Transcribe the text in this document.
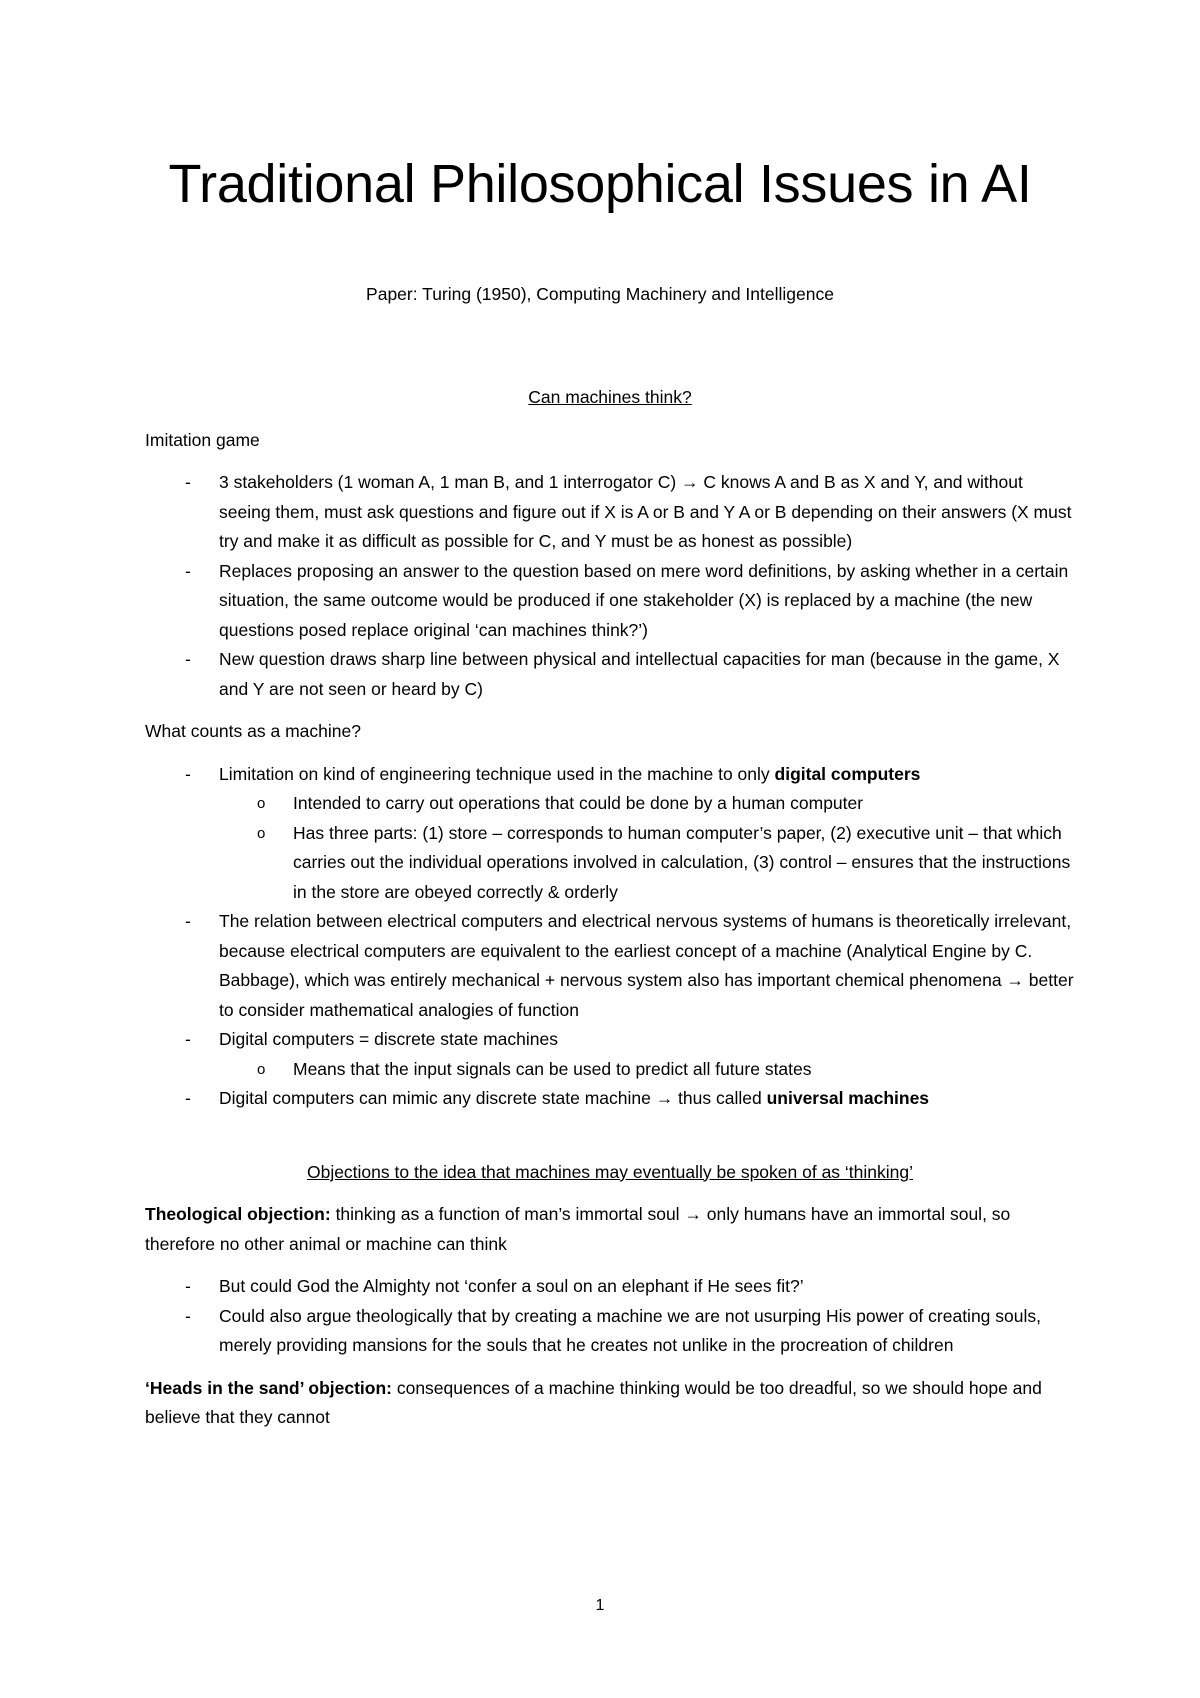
Traditional Philosophical Issues in AI
Paper: Turing (1950), Computing Machinery and Intelligence

Can machines think?

Imitation game

- 3 stakeholders (1 woman A, 1 man B, and 1 interrogator C) → C knows A and B as X and Y, and without seeing them, must ask questions and figure out if X is A or B and Y A or B depending on their answers (X must try and make it as difficult as possible for C, and Y must be as honest as possible)
- Replaces proposing an answer to the question based on mere word definitions, by asking whether in a certain situation, the same outcome would be produced if one stakeholder (X) is replaced by a machine (the new questions posed replace original ‘can machines think?’)
- New question draws sharp line between physical and intellectual capacities for man (because in the game, X and Y are not seen or heard by C)

What counts as a machine?

- Limitation on kind of engineering technique used in the machine to only digital computers
o Intended to carry out operations that could be done by a human computer
o Has three parts: (1) store – corresponds to human computer’s paper, (2) executive unit – that which carries out the individual operations involved in calculation, (3) control – ensures that the instructions in the store are obeyed correctly & orderly
- The relation between electrical computers and electrical nervous systems of humans is theoretically irrelevant, because electrical computers are equivalent to the earliest concept of a machine (Analytical Engine by C. Babbage), which was entirely mechanical + nervous system also has important chemical phenomena → better to consider mathematical analogies of function
- Digital computers = discrete state machines
o Means that the input signals can be used to predict all future states
- Digital computers can mimic any discrete state machine → thus called universal machines

Objections to the idea that machines may eventually be spoken of as ‘thinking’

Theological objection: thinking as a function of man’s immortal soul → only humans have an immortal soul, so therefore no other animal or machine can think

- But could God the Almighty not ‘confer a soul on an elephant if He sees fit?’
- Could also argue theologically that by creating a machine we are not usurping His power of creating souls, merely providing mansions for the souls that he creates not unlike in the procreation of children

‘Heads in the sand’ objection: consequences of a machine thinking would be too dreadful, so we should hope and believe that they cannot

1
